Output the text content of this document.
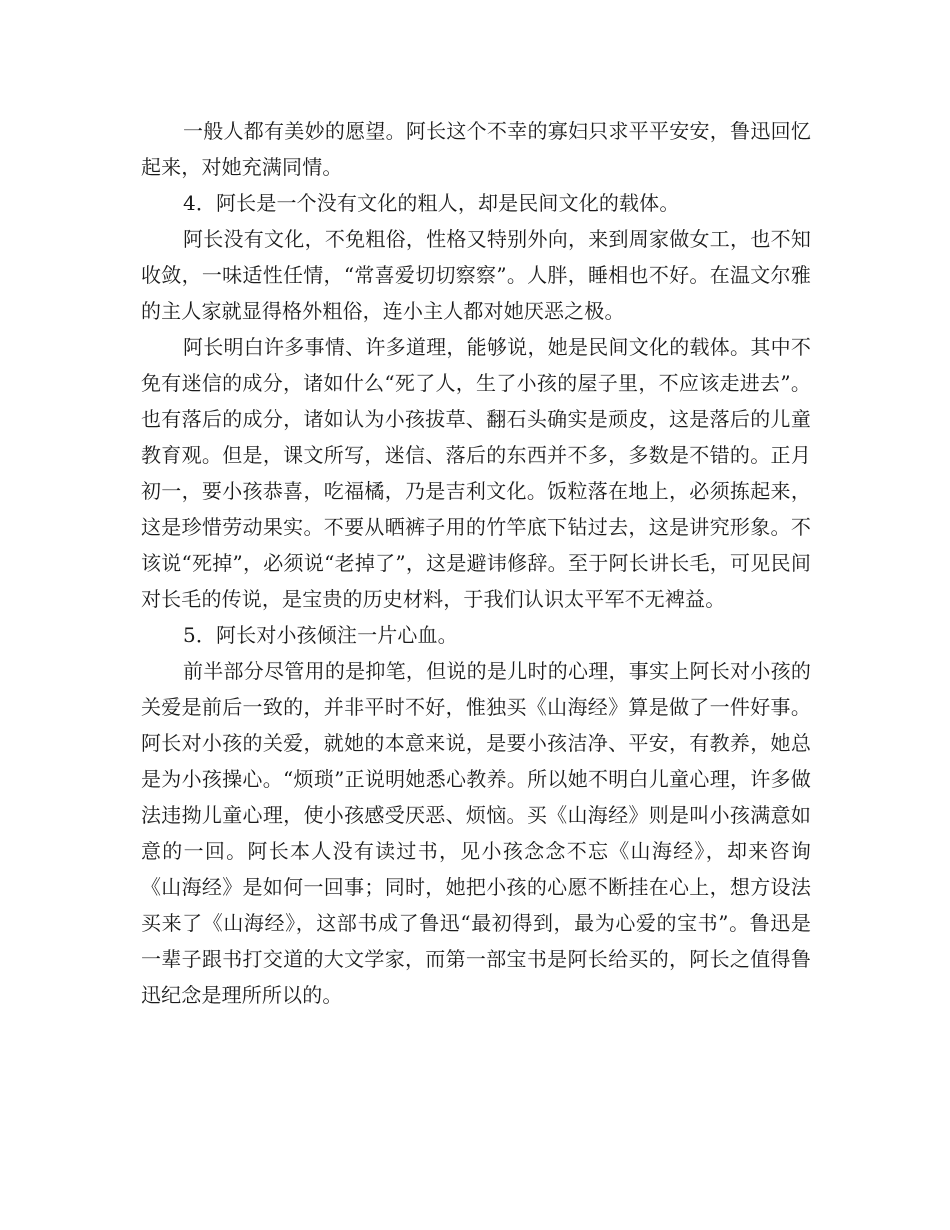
一般人都有美妙的愿望。阿长这个不幸的寡妇只求平平安安，鲁迅回忆起来，对她充满同情。

4．阿长是一个没有文化的粗人，却是民间文化的载体。

阿长没有文化，不免粗俗，性格又特别外向，来到周家做女工，也不知收敛，一味适性任情，“常喜爱切切察察”。人胖，睡相也不好。在温文尔雅的主人家就显得格外粗俗，连小主人都对她厌恶之极。

阿长明白许多事情、许多道理，能够说，她是民间文化的载体。其中不免有迷信的成分，诸如什么“死了人，生了小孩的屋子里，不应该走进去”。也有落后的成分，诸如认为小孩拔草、翻石头确实是顽皮，这是落后的儿童教育观。但是，课文所写，迷信、落后的东西并不多，多数是不错的。正月初一，要小孩恭喜，吃福橘，乃是吉利文化。饭粒落在地上，必须拣起来，这是珍惜劳动果实。不要从晒裤子用的竹竿底下钻过去，这是讲究形象。不该说“死掉”，必须说“老掉了”，这是避讳修辞。至于阿长讲长毛，可见民间对长毛的传说，是宝贵的历史材料，于我们认识太平军不无裨益。

5．阿长对小孩倾注一片心血。

前半部分尽管用的是抑笔，但说的是儿时的心理，事实上阿长对小孩的关爱是前后一致的，并非平时不好，惟独买《山海经》算是做了一件好事。阿长对小孩的关爱，就她的本意来说，是要小孩洁净、平安，有教养，她总是为小孩操心。“烦琐”正说明她悉心教养。所以她不明白儿童心理，许多做法违拗儿童心理，使小孩感受厌恶、烦恼。买《山海经》则是叫小孩满意如意的一回。阿长本人没有读过书，见小孩念念不忘《山海经》，却来咨询《山海经》是如何一回事；同时，她把小孩的心愿不断挂在心上，想方设法买来了《山海经》，这部书成了鲁迅“最初得到，最为心爱的宝书”。鲁迅是一辈子跟书打交道的大文学家，而第一部宝书是阿长给买的，阿长之值得鲁迅纪念是理所所以的。
